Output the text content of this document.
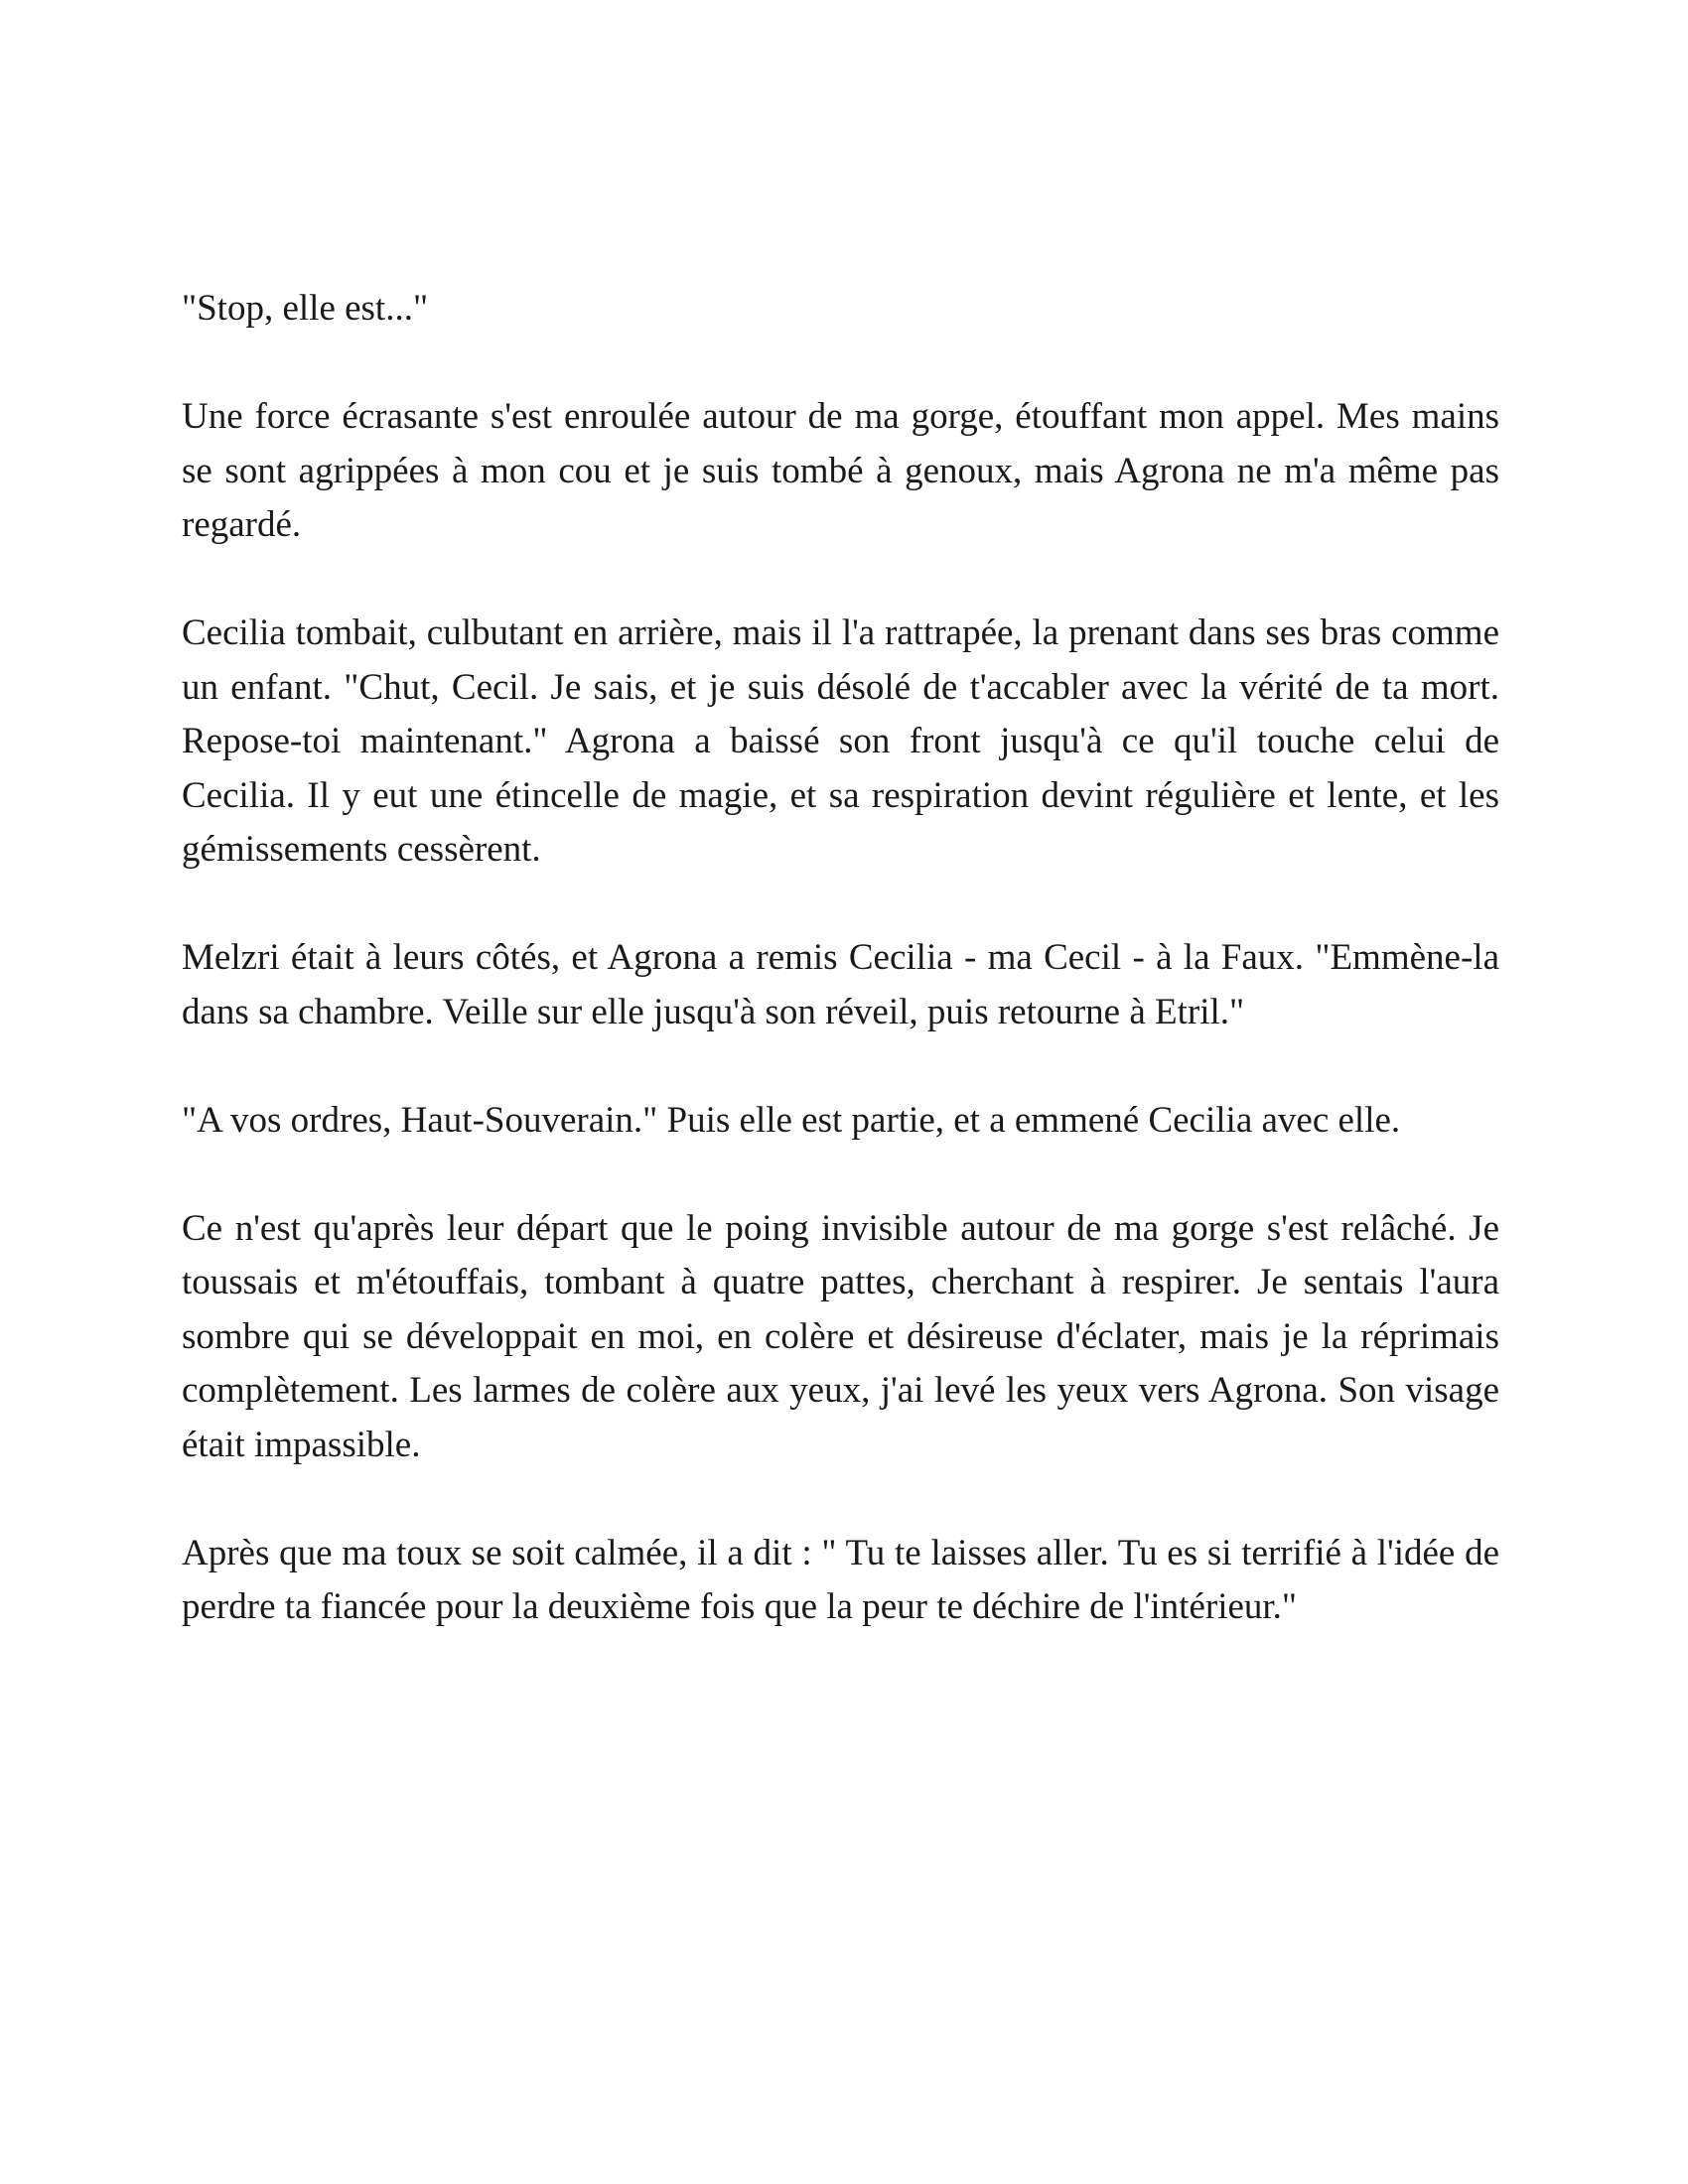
"Stop, elle est..."

Une force écrasante s'est enroulée autour de ma gorge, étouffant mon appel. Mes mains se sont agrippées à mon cou et je suis tombé à genoux, mais Agrona ne m'a même pas regardé.

Cecilia tombait, culbutant en arrière, mais il l'a rattrapée, la prenant dans ses bras comme un enfant. "Chut, Cecil. Je sais, et je suis désolé de t'accabler avec la vérité de ta mort. Repose-toi maintenant." Agrona a baissé son front jusqu'à ce qu'il touche celui de Cecilia. Il y eut une étincelle de magie, et sa respiration devint régulière et lente, et les gémissements cessèrent.

Melzri était à leurs côtés, et Agrona a remis Cecilia - ma Cecil - à la Faux. "Emmène-la dans sa chambre. Veille sur elle jusqu'à son réveil, puis retourne à Etril."

"A vos ordres, Haut-Souverain." Puis elle est partie, et a emmené Cecilia avec elle.

Ce n'est qu'après leur départ que le poing invisible autour de ma gorge s'est relâché. Je toussais et m'étouffais, tombant à quatre pattes, cherchant à respirer. Je sentais l'aura sombre qui se développait en moi, en colère et désireuse d'éclater, mais je la réprimais complètement. Les larmes de colère aux yeux, j'ai levé les yeux vers Agrona. Son visage était impassible.

Après que ma toux se soit calmée, il a dit : " Tu te laisses aller. Tu es si terrifié à l'idée de perdre ta fiancée pour la deuxième fois que la peur te déchire de l'intérieur."
